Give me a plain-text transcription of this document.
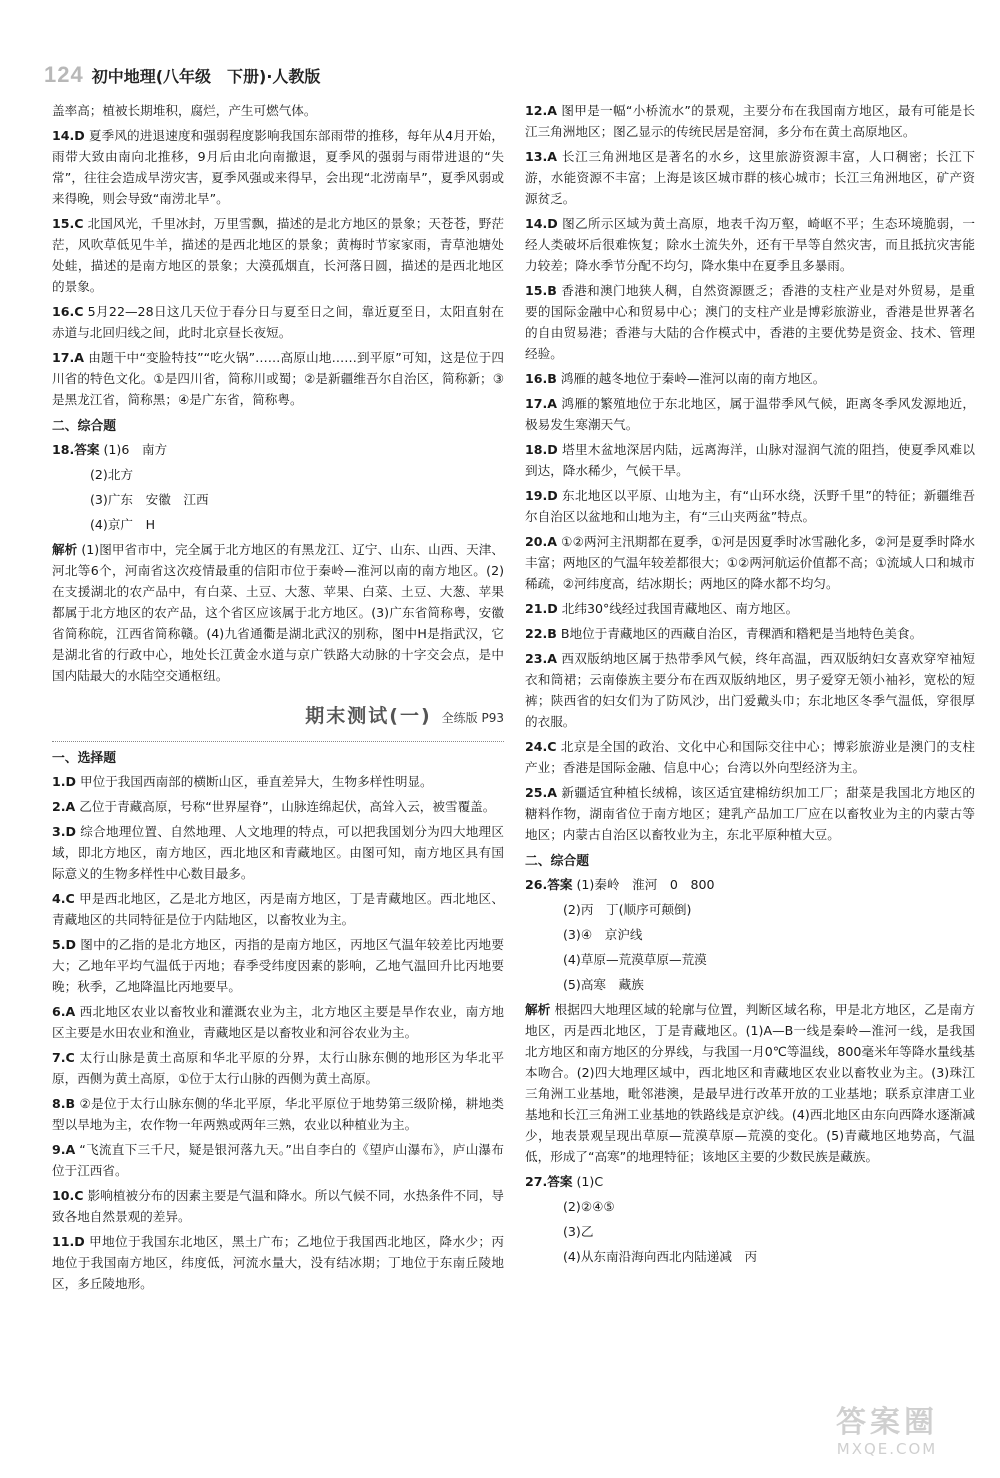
124 初中地理(八年级　下册)·人教版

盖率高；植被长期堆积，腐烂，产生可燃气体。

14.D 夏季风的进退速度和强弱程度影响我国东部雨带的推移，每年从4月开始，雨带大致由南向北推移，9月后由北向南撤退，夏季风的强弱与雨带进退的“失常”，往往会造成旱涝灾害，夏季风强或来得早，会出现“北涝南旱”，夏季风弱或来得晚，则会导致“南涝北旱”。

15.C 北国风光，千里冰封，万里雪飘，描述的是北方地区的景象；天苍苍，野茫茫，风吹草低见牛羊，描述的是西北地区的景象；黄梅时节家家雨，青草池塘处处蛙，描述的是南方地区的景象；大漠孤烟直，长河落日圆，描述的是西北地区的景象。

16.C 5月22—28日这几天位于春分日与夏至日之间，靠近夏至日，太阳直射在赤道与北回归线之间，此时北京昼长夜短。

17.A 由题干中“变脸特技”“吃火锅”……高原山地……到平原”可知，这是位于四川省的特色文化。①是四川省，简称川或蜀；②是新疆维吾尔自治区，简称新；③是黑龙江省，简称黑；④是广东省，简称粤。

二、综合题

18.答案 (1)6　南方

(2)北方

(3)广东　安徽　江西

(4)京广　H

解析 (1)图甲省市中，完全属于北方地区的有黑龙江、辽宁、山东、山西、天津、河北等6个，河南省这次疫情最重的信阳市位于秦岭—淮河以南的南方地区。(2)在支援湖北的农产品中，有白菜、土豆、大葱、苹果、白菜、土豆、大葱、苹果都属于北方地区的农产品，这个省区应该属于北方地区。(3)广东省简称粤，安徽省简称皖，江西省简称赣。(4)九省通衢是湖北武汉的别称，图中H是指武汉，它是湖北省的行政中心，地处长江黄金水道与京广铁路大动脉的十字交会点，是中国内陆最大的水陆空交通枢纽。

期末测试(一) 全练版 P93
一、选择题

1.D 甲位于我国西南部的横断山区，垂直差异大，生物多样性明显。

2.A 乙位于青藏高原，号称“世界屋脊”，山脉连绵起伏，高耸入云，被雪覆盖。

3.D 综合地理位置、自然地理、人文地理的特点，可以把我国划分为四大地理区域，即北方地区，南方地区，西北地区和青藏地区。由图可知，南方地区具有国际意义的生物多样性中心数目最多。

4.C 甲是西北地区，乙是北方地区，丙是南方地区，丁是青藏地区。西北地区、青藏地区的共同特征是位于内陆地区，以畜牧业为主。

5.D 图中的乙指的是北方地区，丙指的是南方地区，丙地区气温年较差比丙地要大；乙地年平均气温低于丙地；春季受纬度因素的影响，乙地气温回升比丙地要晚；秋季，乙地降温比丙地要早。

6.A 西北地区农业以畜牧业和灌溉农业为主，北方地区主要是旱作农业，南方地区主要是水田农业和渔业，青藏地区是以畜牧业和河谷农业为主。

7.C 太行山脉是黄土高原和华北平原的分界，太行山脉东侧的地形区为华北平原，西侧为黄土高原，①位于太行山脉的西侧为黄土高原。

8.B ②是位于太行山脉东侧的华北平原，华北平原位于地势第三级阶梯，耕地类型以旱地为主，农作物一年两熟或两年三熟，农业以种植业为主。

9.A “飞流直下三千尺，疑是银河落九天。”出自李白的《望庐山瀑布》，庐山瀑布位于江西省。

10.C 影响植被分布的因素主要是气温和降水。所以气候不同，水热条件不同，导致各地自然景观的差异。

11.D 甲地位于我国东北地区，黑土广布；乙地位于我国西北地区，降水少；丙地位于我国南方地区，纬度低，河流水量大，没有结冰期；丁地位于东南丘陵地区，多丘陵地形。

12.A 图甲是一幅“小桥流水”的景观，主要分布在我国南方地区，最有可能是长江三角洲地区；图乙显示的传统民居是窑洞，多分布在黄土高原地区。

13.A 长江三角洲地区是著名的水乡，这里旅游资源丰富，人口稠密；长江下游，水能资源不丰富；上海是该区城市群的核心城市；长江三角洲地区，矿产资源贫乏。

14.D 图乙所示区域为黄土高原，地表千沟万壑，崎岖不平；生态环境脆弱，一经人类破坏后很难恢复；除水土流失外，还有干旱等自然灾害，而且抵抗灾害能力较差；降水季节分配不均匀，降水集中在夏季且多暴雨。

15.B 香港和澳门地狭人稠，自然资源匮乏；香港的支柱产业是对外贸易，是重要的国际金融中心和贸易中心；澳门的支柱产业是博彩旅游业，香港是世界著名的自由贸易港；香港与大陆的合作模式中，香港的主要优势是资金、技术、管理经验。

16.B 鸿雁的越冬地位于秦岭—淮河以南的南方地区。

17.A 鸿雁的繁殖地位于东北地区，属于温带季风气候，距离冬季风发源地近，极易发生寒潮天气。

18.D 塔里木盆地深居内陆，远离海洋，山脉对湿润气流的阻挡，使夏季风难以到达，降水稀少，气候干旱。

19.D 东北地区以平原、山地为主，有“山环水绕，沃野千里”的特征；新疆维吾尔自治区以盆地和山地为主，有“三山夹两盆”特点。

20.A ①②两河主汛期都在夏季，①河是因夏季时冰雪融化多，②河是夏季时降水丰富；两地区的气温年较差都很大；①②两河航运价值都不高；①流域人口和城市稀疏，②河纬度高，结冰期长；两地区的降水都不均匀。

21.D 北纬30°线经过我国青藏地区、南方地区。

22.B B地位于青藏地区的西藏自治区，青稞酒和糌粑是当地特色美食。

23.A 西双版纳地区属于热带季风气候，终年高温，西双版纳妇女喜欢穿窄袖短衣和筒裙；云南傣族主要分布在西双版纳地区，男子爱穿无领小袖衫，宽松的短裤；陕西省的妇女们为了防风沙，出门爱戴头巾；东北地区冬季气温低，穿很厚的衣服。

24.C 北京是全国的政治、文化中心和国际交往中心；博彩旅游业是澳门的支柱产业；香港是国际金融、信息中心；台湾以外向型经济为主。

25.A 新疆适宜种植长绒棉，该区适宜建棉纺织加工厂；甜菜是我国北方地区的糖料作物，湖南省位于南方地区；建乳产品加工厂应在以畜牧业为主的内蒙古等地区；内蒙古自治区以畜牧业为主，东北平原种植大豆。

二、综合题

26.答案 (1)秦岭　淮河　0　800

(2)丙　丁(顺序可颠倒)

(3)④　京沪线

(4)草原—荒漠草原—荒漠

(5)高寒　藏族

解析 根据四大地理区域的轮廓与位置，判断区域名称，甲是北方地区，乙是南方地区，丙是西北地区，丁是青藏地区。(1)A—B一线是秦岭—淮河一线，是我国北方地区和南方地区的分界线，与我国一月0℃等温线，800毫米年等降水量线基本吻合。(2)四大地理区域中，西北地区和青藏地区农业以畜牧业为主。(3)珠江三角洲工业基地，毗邻港澳，是最早进行改革开放的工业基地；联系京津唐工业基地和长江三角洲工业基地的铁路线是京沪线。(4)西北地区由东向西降水逐渐减少，地表景观呈现出草原—荒漠草原—荒漠的变化。(5)青藏地区地势高，气温低，形成了“高寒”的地理特征；该地区主要的少数民族是藏族。

27.答案 (1)C

(2)②④⑤

(3)乙

(4)从东南沿海向西北内陆递减　丙

答案圈
MXQE.COM
